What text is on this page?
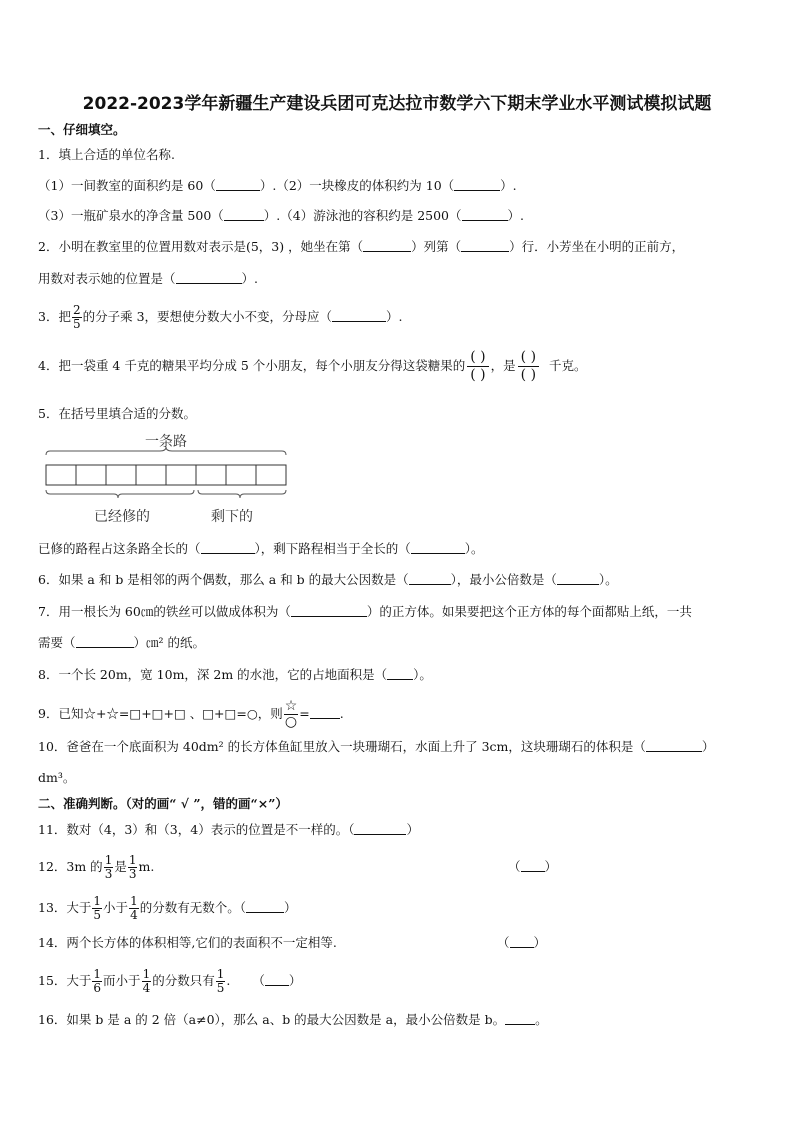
2022-2023学年新疆生产建设兵团可克达拉市数学六下期末学业水平测试模拟试题
一、仔细填空。
1．填上合适的单位名称.
（1）一间教室的面积约是 60（	）.（2）一块橡皮的体积约为 10（	）.
（3）一瓶矿泉水的净含量 500（	）.（4）游泳池的容积约是 2500（	）.
2．小明在教室里的位置用数对表示是(5，3) ，她坐在第（	）列第（	）行．小芳坐在小明的正前方，
用数对表示她的位置是（	）.
3．把 $\frac{2}{5}$ 的分子乘 3，要想使分数大小不变，分母应（	）.
4．把一袋重 4 千克的糖果平均分成 5 个小朋友，每个小朋友分得这袋糖果的 $\frac{( )}{( )}$ ，是 $\frac{( )}{( )}$ 千克。
5．在括号里填合适的分数。
一条路
已经修的	剩下的
已修的路程占这条路全长的（	），剩下路程相当于全长的（	）。
6．如果 a 和 b 是相邻的两个偶数，那么 a 和 b 的最大公因数是（	），最小公倍数是（	）。
7．用一根长为 60㎝的铁丝可以做成体积为（	）的正方体。如果要把这个正方体的每个面都贴上纸，一共
需要（	）㎝² 的纸。
8．一个长 20m，宽 10m，深 2m 的水池，它的占地面积是（ ）。
9．已知☆+☆=□+□+□ 、□+□=○，则 $\frac{☆}{○}$ = .
10．爸爸在一个底面积为 40dm² 的长方体鱼缸里放入一块珊瑚石，水面上升了 3cm，这块珊瑚石的体积是（	）
dm³。
二、准确判断。（对的画“ √ ”，错的画“×”）
11．数对（4，3）和（3，4）表示的位置是不一样的。（	）
12．3m 的 $\frac{1}{3}$ 是 $\frac{1}{3} m$.	（ ）
13．大于 $\frac{1}{5}$ 小于 $\frac{1}{4}$ 的分数有无数个。（	）
14．两个长方体的体积相等,它们的表面积不一定相等.	（ ）
15．大于 $\frac{1}{6}$ 而小于 $\frac{1}{4}$ 的分数只有 $\frac{1}{5}$ . （ ）
16．如果 b 是 a 的 2 倍（a≠0），那么 a、b 的最大公因数是 a，最小公倍数是 b。 。
